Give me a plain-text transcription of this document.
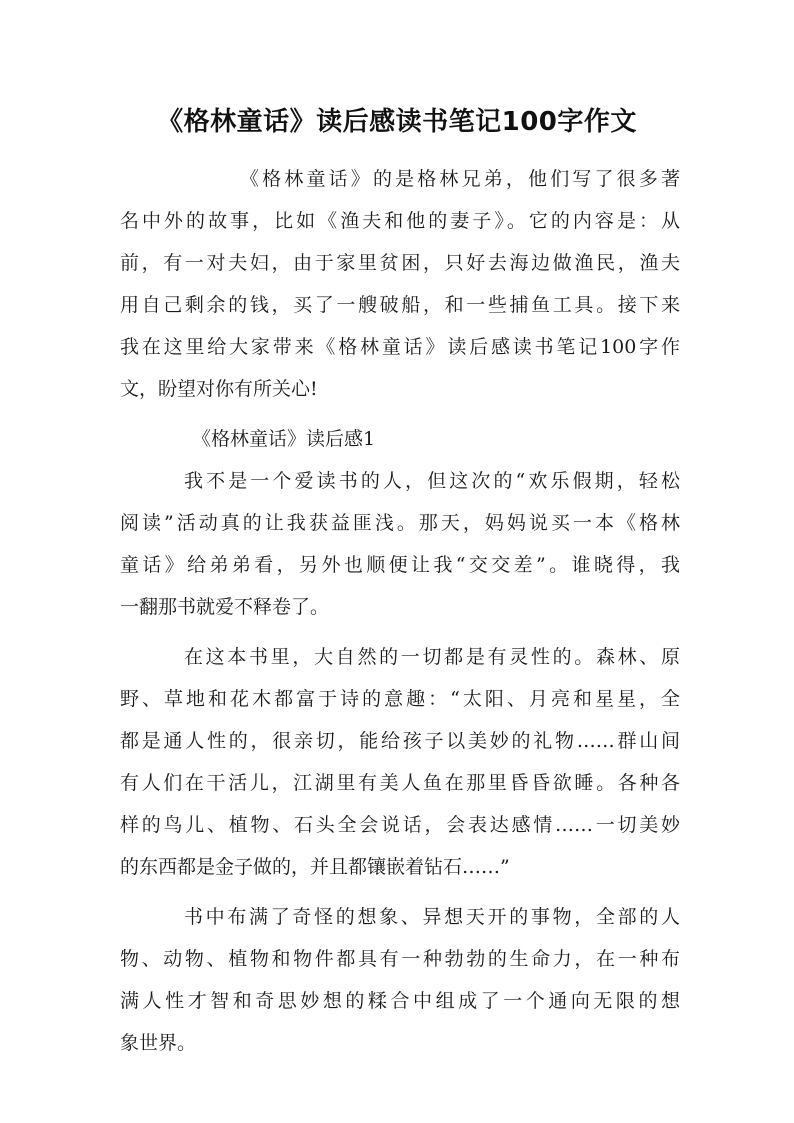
《格林童话》读后感读书笔记100字作文
《格林童话》的是格林兄弟，他们写了很多著
名中外的故事，比如《渔夫和他的妻子》。它的内容是：从
前，有一对夫妇，由于家里贫困，只好去海边做渔民，渔夫
用自己剩余的钱，买了一艘破船，和一些捕鱼工具。接下来
我在这里给大家带来《格林童话》读后感读书笔记100字作
文，盼望对你有所关心!
《格林童话》读后感1
我不是一个爱读书的人，但这次的“欢乐假期，轻松
阅读”活动真的让我获益匪浅。那天，妈妈说买一本《格林
童话》给弟弟看，另外也顺便让我“交交差”。谁晓得，我
一翻那书就爱不释卷了。
在这本书里，大自然的一切都是有灵性的。森林、原
野、草地和花木都富于诗的意趣：“太阳、月亮和星星，全
都是通人性的，很亲切，能给孩子以美妙的礼物……群山间
有人们在干活儿，江湖里有美人鱼在那里昏昏欲睡。各种各
样的鸟儿、植物、石头全会说话，会表达感情……一切美妙
的东西都是金子做的，并且都镶嵌着钻石……”
书中布满了奇怪的想象、异想天开的事物，全部的人
物、动物、植物和物件都具有一种勃勃的生命力，在一种布
满人性才智和奇思妙想的糅合中组成了一个通向无限的想
象世界。
